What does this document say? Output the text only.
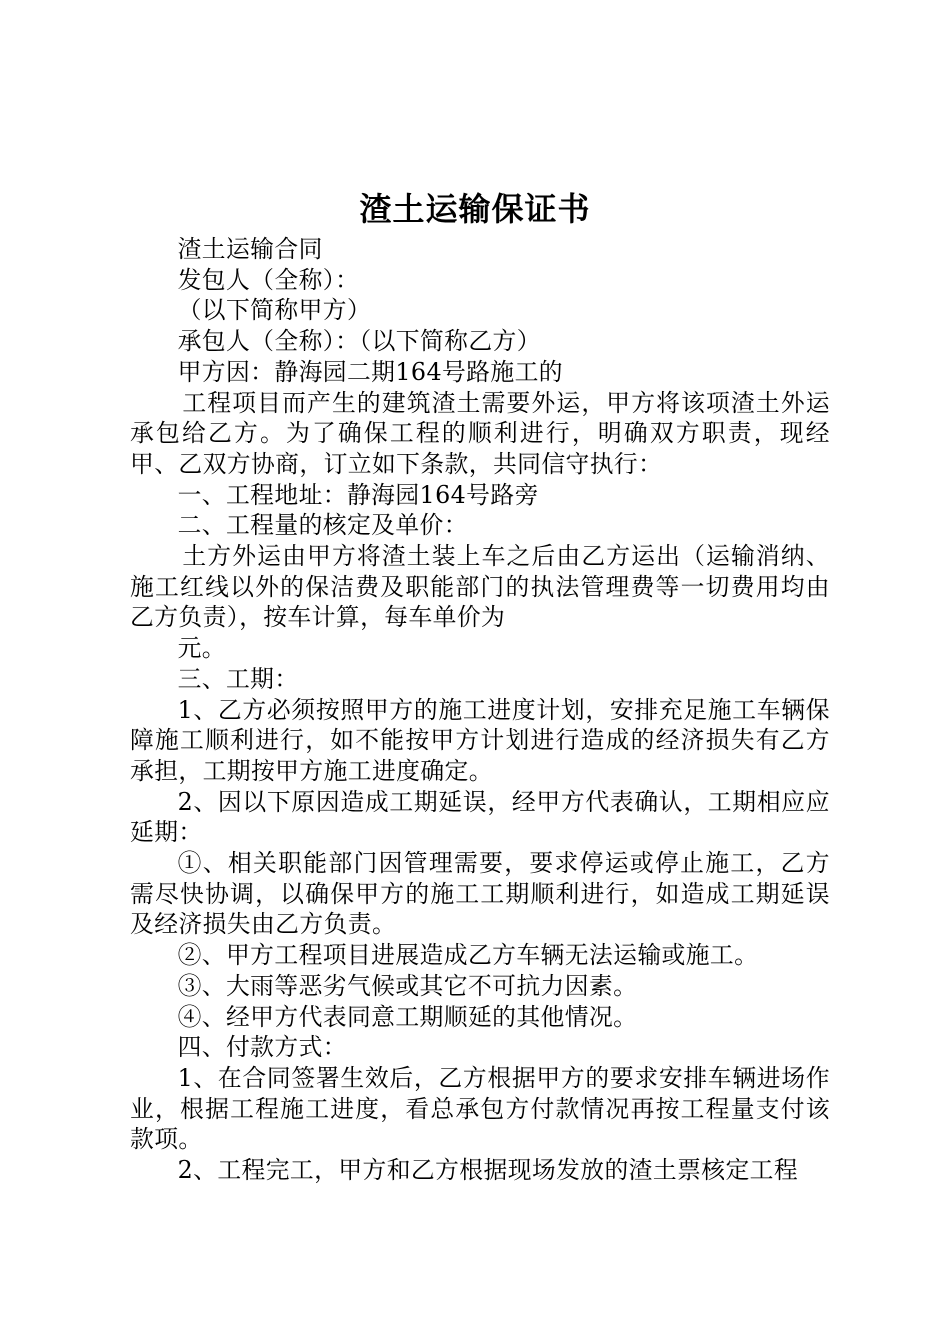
渣土运输保证书

渣土运输合同

发包人（全称）：

（以下简称甲方）

承包人（全称）：（以下简称乙方）

甲方因：静海园二期164号路施工的

工程项目而产生的建筑渣土需要外运，甲方将该项渣土外运承包给乙方。为了确保工程的顺利进行，明确双方职责，现经甲、乙双方协商，订立如下条款，共同信守执行：

一、工程地址：静海园164号路旁

二、工程量的核定及单价：

土方外运由甲方将渣土装上车之后由乙方运出（运输消纳、施工红线以外的保洁费及职能部门的执法管理费等一切费用均由乙方负责），按车计算，每车单价为

元。

三、工期：

1、乙方必须按照甲方的施工进度计划，安排充足施工车辆保障施工顺利进行，如不能按甲方计划进行造成的经济损失有乙方承担，工期按甲方施工进度确定。

2、因以下原因造成工期延误，经甲方代表确认，工期相应应延期：

①、相关职能部门因管理需要，要求停运或停止施工，乙方需尽快协调，以确保甲方的施工工期顺利进行，如造成工期延误及经济损失由乙方负责。

②、甲方工程项目进展造成乙方车辆无法运输或施工。

③、大雨等恶劣气候或其它不可抗力因素。

④、经甲方代表同意工期顺延的其他情况。

四、付款方式：

1、在合同签署生效后，乙方根据甲方的要求安排车辆进场作业，根据工程施工进度，看总承包方付款情况再按工程量支付该款项。

2、工程完工，甲方和乙方根据现场发放的渣土票核定工程
